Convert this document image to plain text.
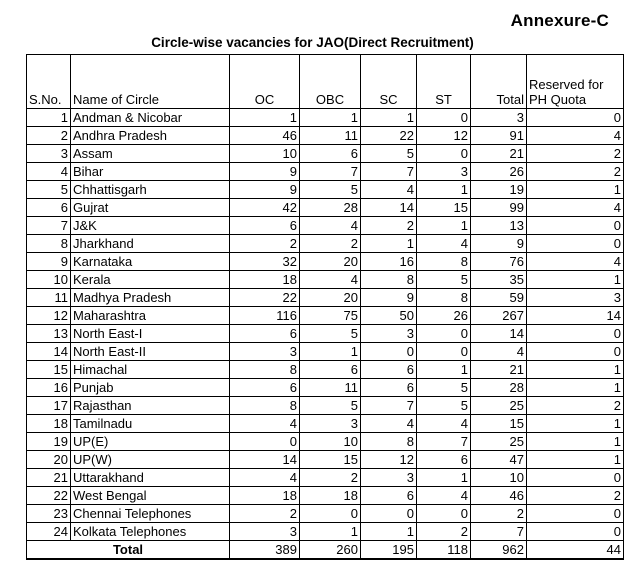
Annexure-C
Circle-wise vacancies for JAO(Direct Recruitment)
S.No.	Name of Circle	OC	OBC	SC	ST	Total	Reserved for
PH Quota
1	Andman & Nicobar	1	1	1	0	3	0
2	Andhra Pradesh	46	11	22	12	91	4
3	Assam	10	6	5	0	21	2
4	Bihar	9	7	7	3	26	2
5	Chhattisgarh	9	5	4	1	19	1
6	Gujrat	42	28	14	15	99	4
7	J&K	6	4	2	1	13	0
8	Jharkhand	2	2	1	4	9	0
9	Karnataka	32	20	16	8	76	4
10	Kerala	18	4	8	5	35	1
11	Madhya Pradesh	22	20	9	8	59	3
12	Maharashtra	116	75	50	26	267	14
13	North East-I	6	5	3	0	14	0
14	North East-II	3	1	0	0	4	0
15	Himachal	8	6	6	1	21	1
16	Punjab	6	11	6	5	28	1
17	Rajasthan	8	5	7	5	25	2
18	Tamilnadu	4	3	4	4	15	1
19	UP(E)	0	10	8	7	25	1
20	UP(W)	14	15	12	6	47	1
21	Uttarakhand	4	2	3	1	10	0
22	West Bengal	18	18	6	4	46	2
23	Chennai Telephones	2	0	0	0	2	0
24	Kolkata Telephones	3	1	1	2	7	0
Total		389	260	195	118	962	44
